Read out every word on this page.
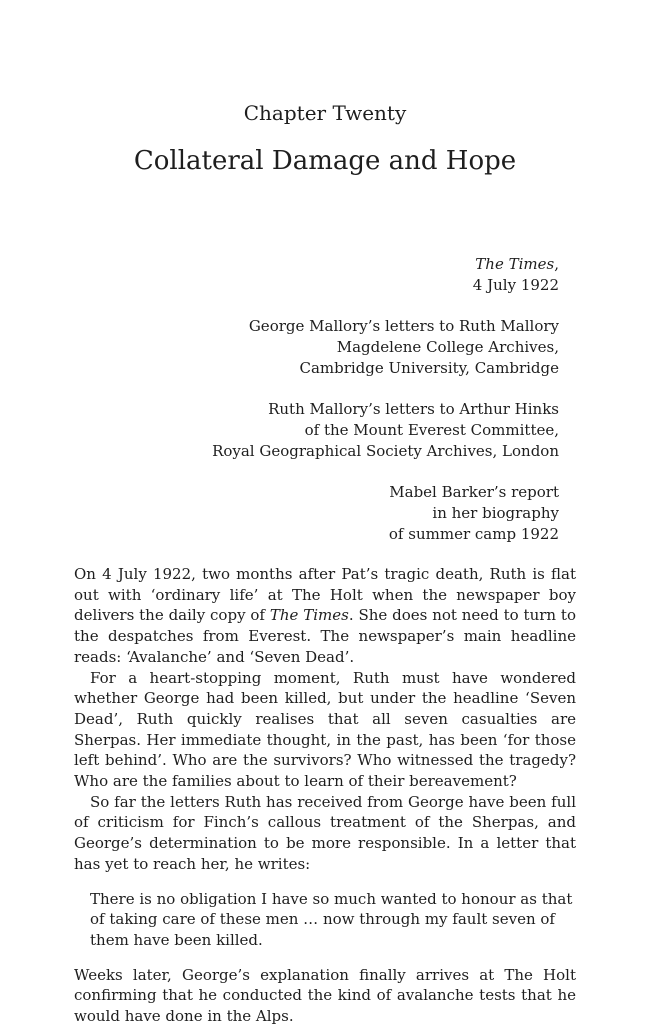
Chapter Twenty
Collateral Damage and Hope
The Times,
4 July 1922
George Mallory’s letters to Ruth Mallory
Magdelene College Archives,
Cambridge University, Cambridge
Ruth Mallory’s letters to Arthur Hinks
of the Mount Everest Committee,
Royal Geographical Society Archives, London
Mabel Barker’s report
in her biography
of summer camp 1922

On 4 July 1922, two months after Pat’s tragic death, Ruth is flat out with ‘ordinary life’ at The Holt when the newspaper boy delivers the daily copy of The Times. She does not need to turn to the despatches from Everest. The newspaper’s main headline reads: ‘Avalanche’ and ‘Seven Dead’.

For a heart-stopping moment, Ruth must have wondered whether George had been killed, but under the headline ‘Seven Dead’, Ruth quickly realises that all seven casualties are Sherpas. Her immediate thought, in the past, has been ‘for those left behind’. Who are the survivors? Who witnessed the tragedy? Who are the families about to learn of their bereavement?

So far the letters Ruth has received from George have been full of criticism for Finch’s callous treatment of the Sherpas, and George’s determination to be more responsible. In a letter that has yet to reach her, he writes:

There is no obligation I have so much wanted to honour as that of taking care of these men … now through my fault seven of them have been killed.

Weeks later, George’s explanation finally arrives at The Holt confirming that he conducted the kind of avalanche tests that he would have done in the Alps.
